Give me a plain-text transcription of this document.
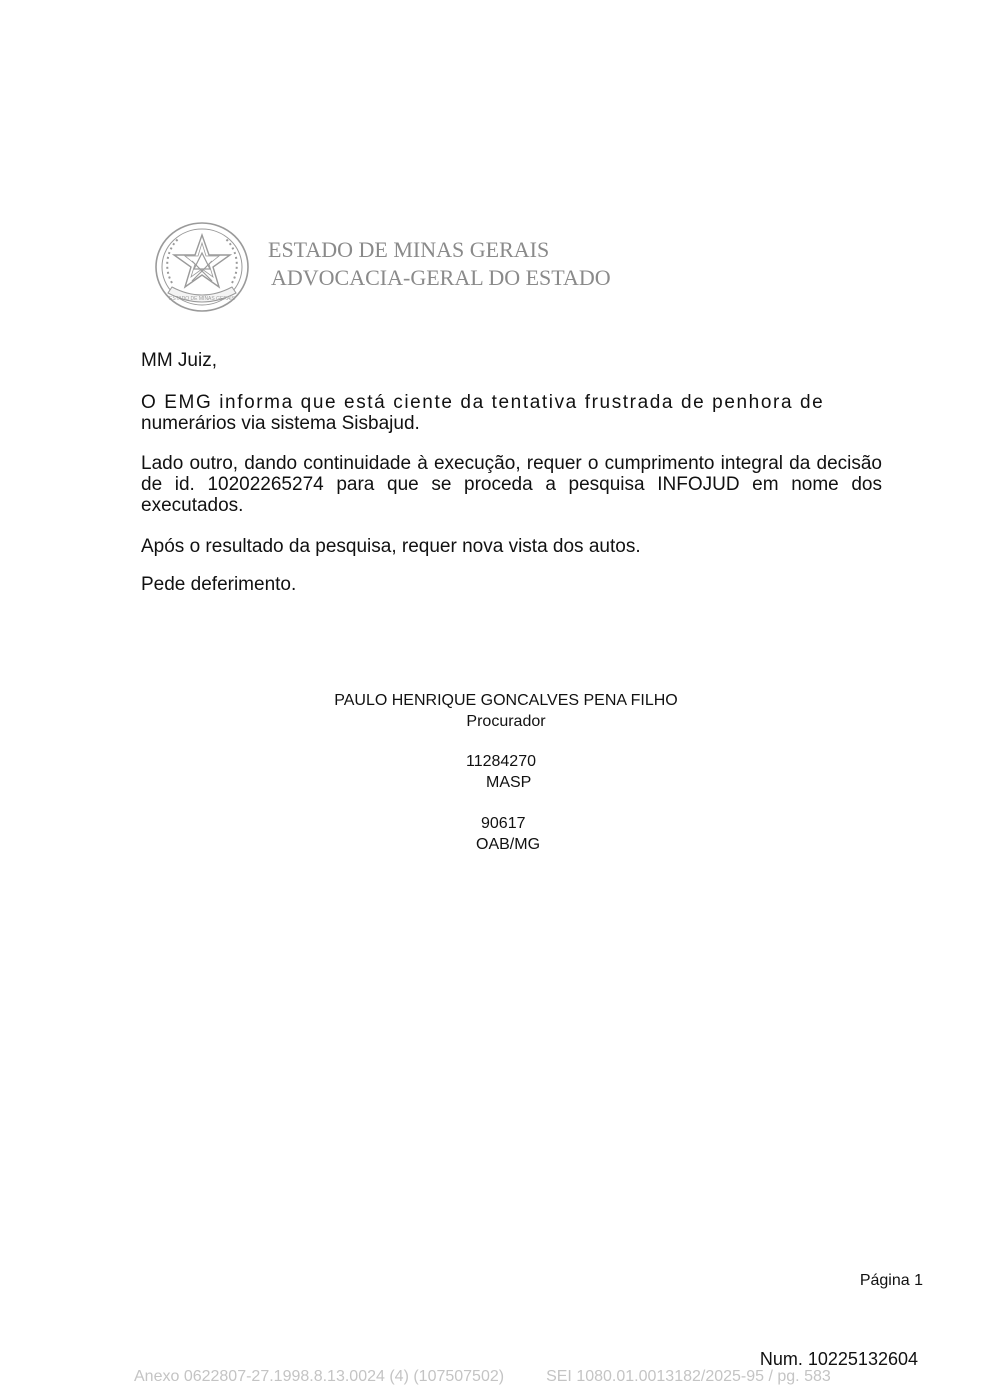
ESTADO DE MINAS GERAIS
ESTADO DE MINAS GERAIS
ADVOCACIA-GERAL DO ESTADO
MM Juiz,
O EMG informa que está ciente da tentativa frustrada de penhora de
numerários via sistema Sisbajud.
Lado outro, dando continuidade à execução, requer o cumprimento integral da decisão de id. 10202265274 para que se proceda a pesquisa INFOJUD em nome dos executados.
Após o resultado da pesquisa, requer nova vista dos autos.
Pede deferimento.
PAULO HENRIQUE GONCALVES PENA FILHO
Procurador
11284270
MASP
90617
OAB/MG
Página 1
Num. 10225132604
Anexo 0622807-27.1998.8.13.0024 (4) (107507502)	SEI 1080.01.0013182/2025-95 / pg. 583
